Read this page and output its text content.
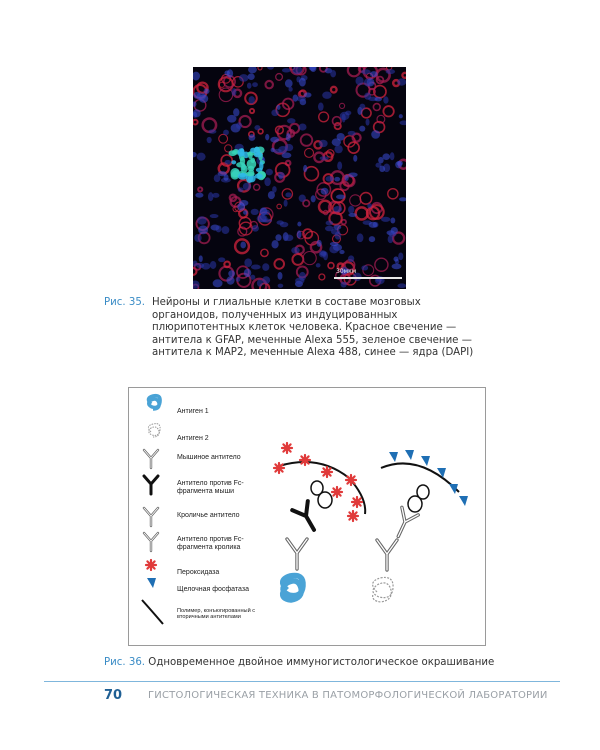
30мкм
Рис. 35. Нейроны и глиальные клетки в составе мозговых органоидов, полученных из индуцированных плюрипотентных клеток человека. Красное свечение — антитела к GFAP, меченные Alexa 555, зеленое свечение — антитела к MAP2, меченные Alexa 488, синее — ядра (DAPI)
Антиген 1
Антиген 2
Мышиное антитело
Антитело против Fc-фрагмента мыши
Кроличье антитело
Антитело против Fc-фрагмента кролика
Пероксидаза
Щелочная фосфатаза
Полимер, конъюгированный с вторичными антителами
Рис. 36. Одновременное двойное иммуногистологическое окрашивание
70	ГИСТОЛОГИЧЕСКАЯ ТЕХНИКА В ПАТОМОРФОЛОГИЧЕСКОЙ ЛАБОРАТОРИИ
